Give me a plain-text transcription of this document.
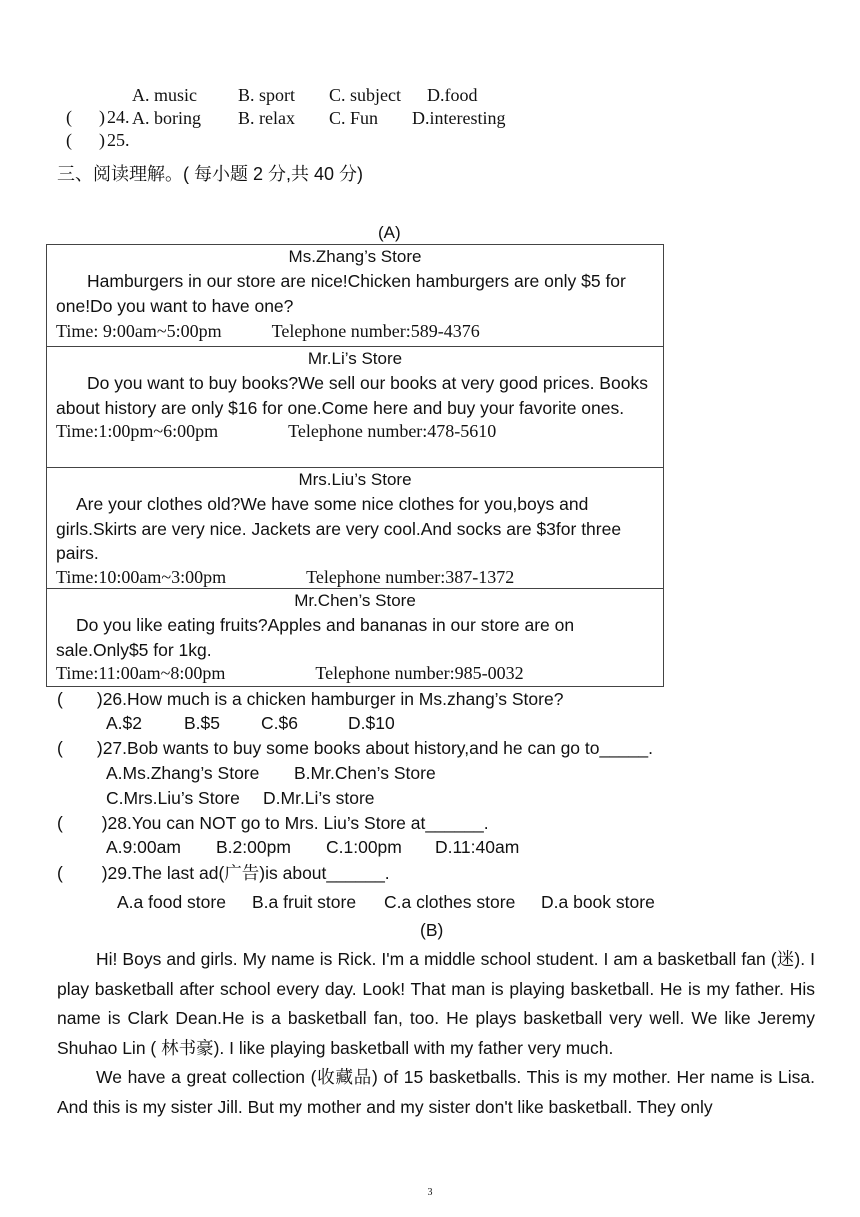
(      ) 24.

A. music B. sport C. subject D.food

(      ) 25.

A. boring B. relax C. Fun D.interesting
三、阅读理解。( 每小题 2 分,共 40 分)
(A)
Ms.Zhang’s Store
Hamburgers in our store are nice!Chicken hamburgers are only $5 for one!Do you want to have one?
Time: 9:00am~5:00pm	Telephone number:589-4376
Mr.Li’s Store
Do you want to buy books?We sell our books at very good prices. Books about history are only $16 for one.Come here and buy your favorite ones.
Time:1:00pm~6:00pm	Telephone number:478-5610
Mrs.Liu’s Store
Are your clothes old?We have some nice clothes for you,boys and girls.Skirts are very nice. Jackets are very cool.And socks are $3for three pairs.
Time:10:00am~3:00pm	Telephone number:387-1372
Mr.Chen’s Store
Do you like eating fruits?Apples and bananas in our store are on sale.Only$5 for 1kg.
Time:11:00am~8:00pm	Telephone number:985-0032
(       )26.How much is a chicken hamburger in Ms.zhang’s Store?
A.$2 B.$5 C.$6	D.$10
(       )27.Bob wants to buy some books about history,and he can go to_____.
A.Ms.Zhang’s Store B.Mr.Chen’s Store
C.Mrs.Liu’s Store D.Mr.Li’s store
(        )28.You can NOT go to Mrs. Liu’s Store at______.
A.9:00am B.2:00pm C.1:00pm D.11:40am
(        )29.The last ad(广告)is about______.
A.a food store B.a fruit store C.a clothes store D.a book store
(B)
Hi! Boys and girls. My name is Rick. I'm a middle school student. I am a basketball fan (迷). I play basketball after school every day. Look! That man is playing basketball. He is my father. His name is Clark Dean.He is a basketball fan, too. He plays basketball very well. We like Jeremy Shuhao Lin ( 林书豪). I like playing basketball with my father very much.
We have a great collection (收藏品) of 15 basketballs. This is my mother. Her name is Lisa. And this is my sister Jill. But my mother and my sister don't like basketball. They only
3
